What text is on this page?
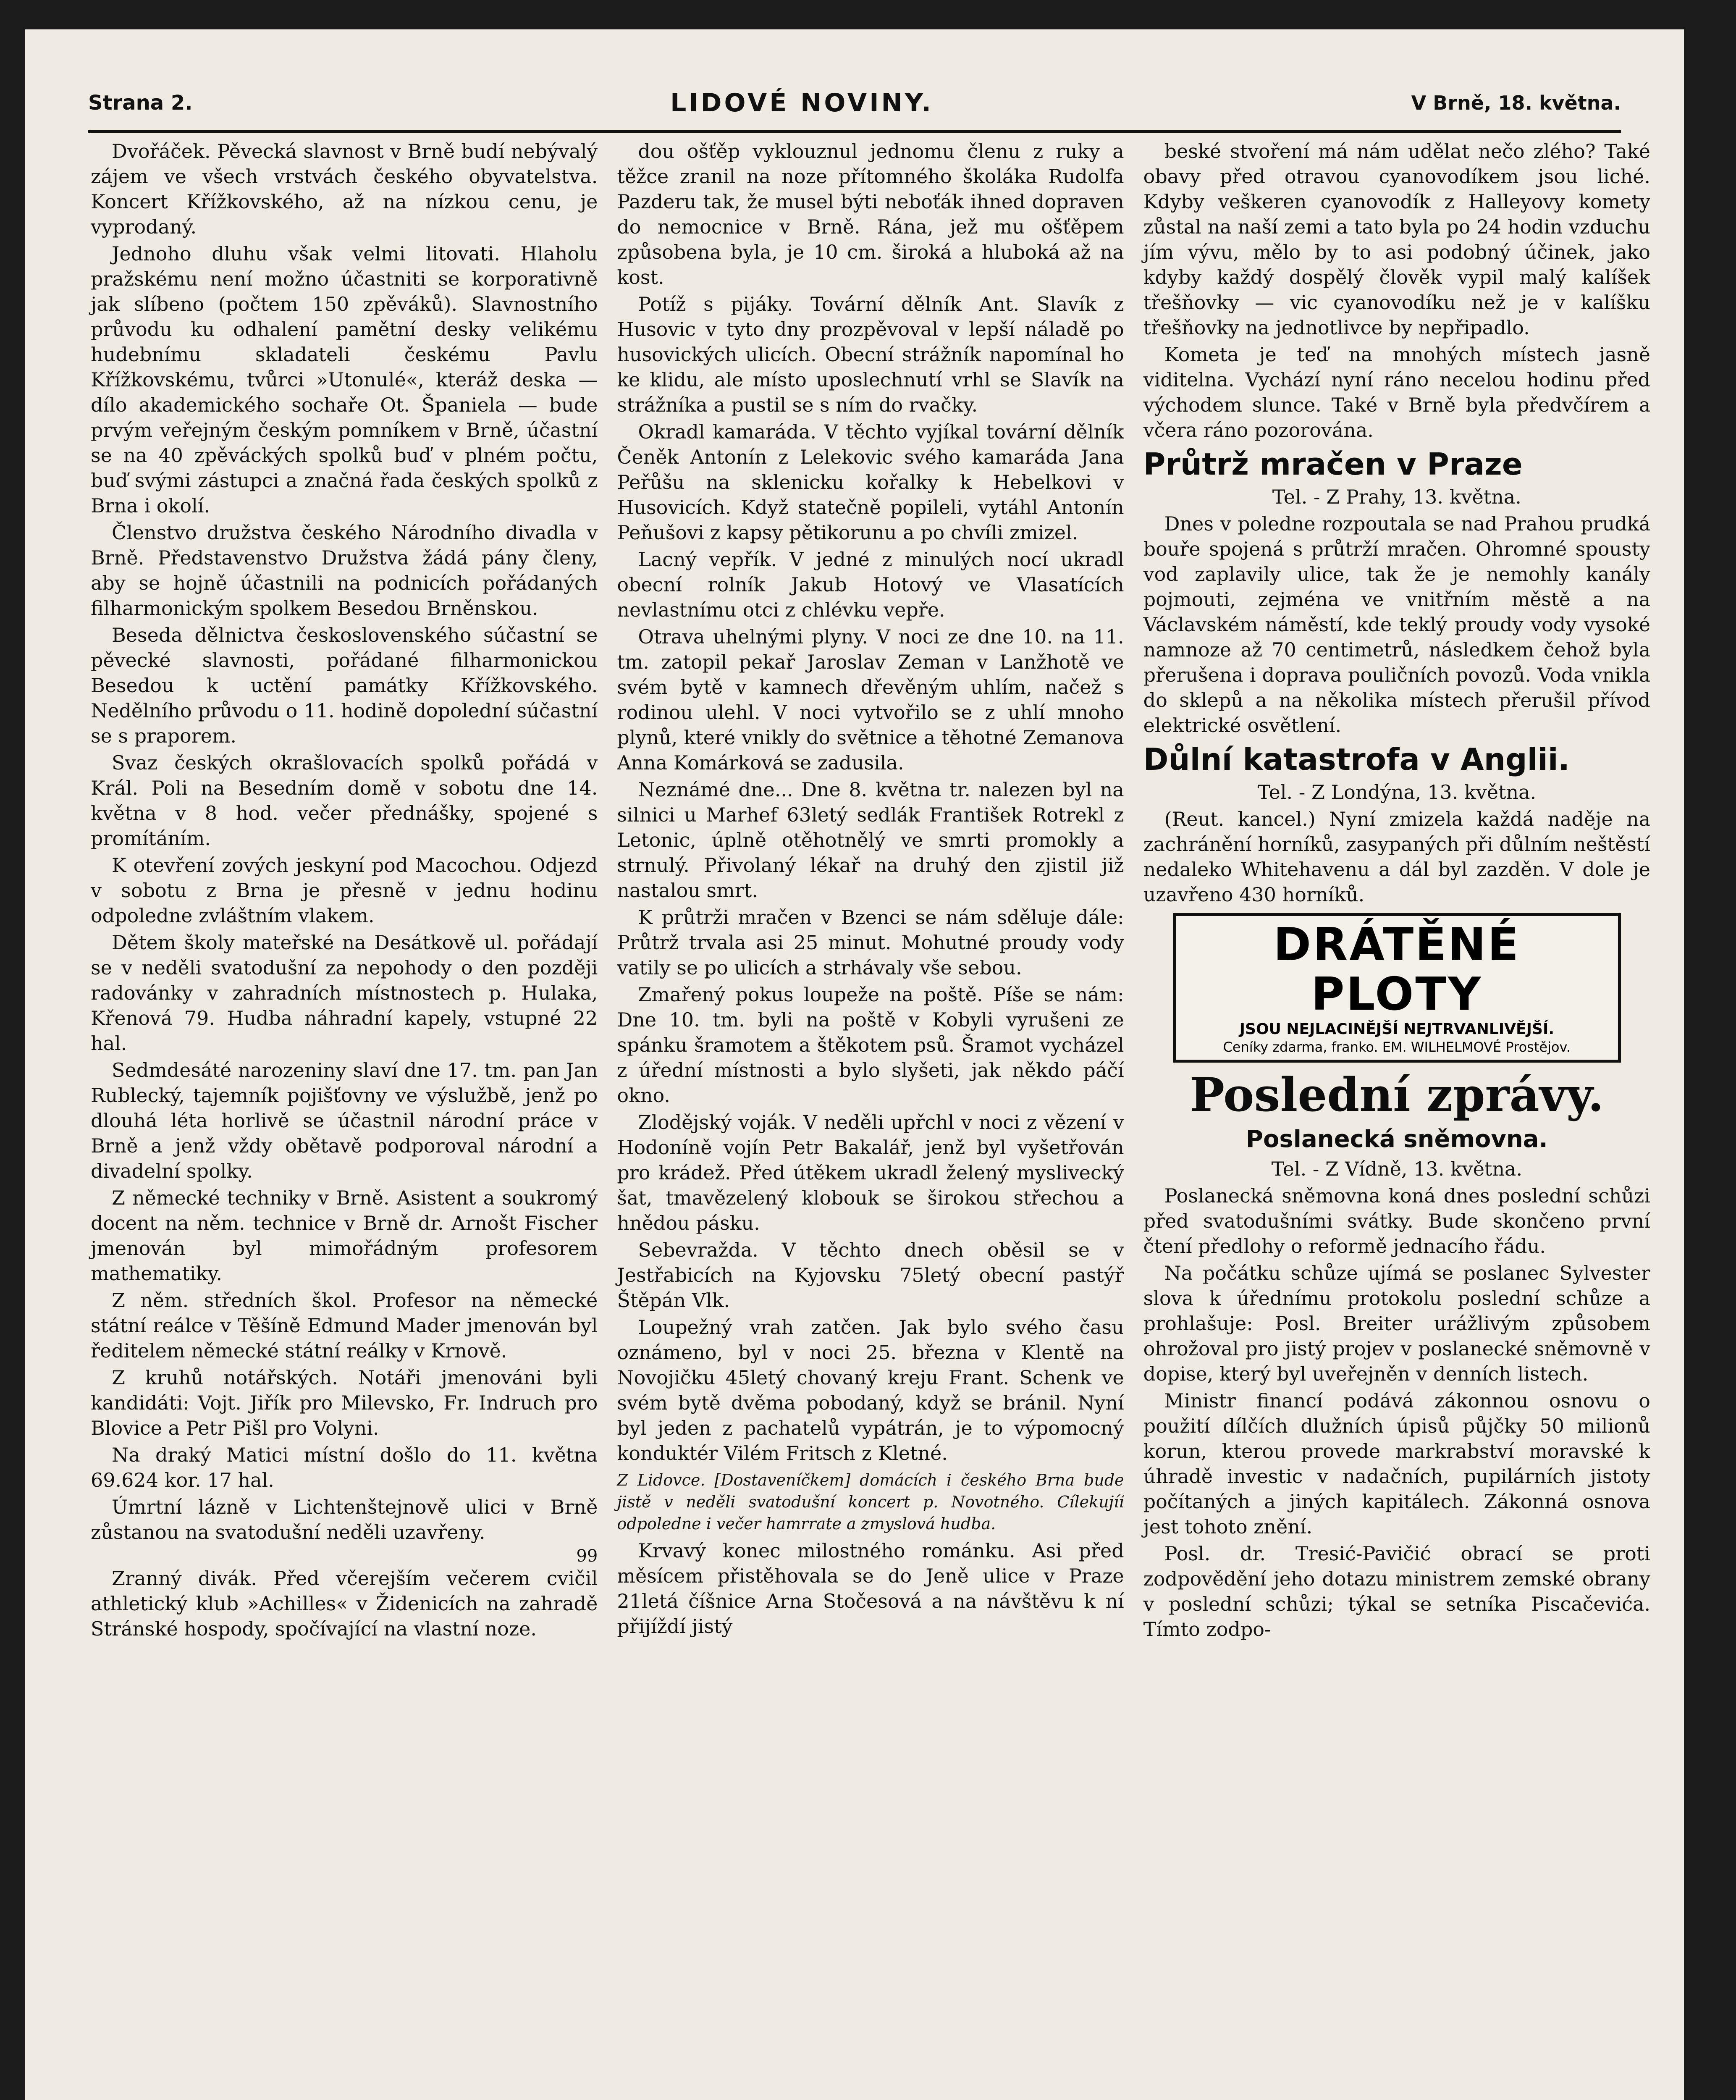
Strana 2.	LIDOVÉ NOVINY.	V Brně, 18. května.

Dvořáček. Pěvecká slavnost v Brně budí nebývalý zájem ve všech vrstvách českého obyvatelstva. Koncert Křížkovského, až na nízkou cenu, je vyprodaný.

Jednoho dluhu však velmi litovati. Hlaholu pražskému není možno účastniti se korporativně jak slíbeno (počtem 150 zpěváků). Slavnostního průvodu ku odhalení pamětní desky velikému hudebnímu skladateli českému Pavlu Křížkovskému, tvůrci »Utonulé«, kteráž deska — dílo akademického sochaře Ot. Španiela — bude prvým veřejným českým pomníkem v Brně, účastní se na 40 zpěváckých spolků buď v plném počtu, buď svými zástupci a značná řada českých spolků z Brna i okolí.

Členstvo družstva českého Národního divadla v Brně. Představenstvo Družstva žádá pány členy, aby se hojně účastnili na podnicích pořádaných filharmonickým spolkem Besedou Brněnskou.

Beseda dělnictva československého súčastní se pěvecké slavnosti, pořádané filharmonickou Besedou k uctění památky Křížkovského. Nedělního průvodu o 11. hodině dopolední súčastní se s praporem.

Svaz českých okrašlovacích spolků pořádá v Král. Poli na Besedním domě v sobotu dne 14. května v 8 hod. večer přednášky, spojené s promítáním.

K otevření zových jeskyní pod Macochou. Odjezd v sobotu z Brna je přesně v jednu hodinu odpoledne zvláštním vlakem.

Dětem školy mateřské na Desátkově ul. pořádají se v neděli svatodušní za nepohody o den později radovánky v zahradních místnostech p. Hulaka, Křenová 79. Hudba náhradní kapely, vstupné 22 hal.

Sedmdesáté narozeniny slaví dne 17. tm. pan Jan Rublecký, tajemník pojišťovny ve výslužbě, jenž po dlouhá léta horlivě se účastnil národní práce v Brně a jenž vždy obětavě podporoval národní a divadelní spolky.

Z německé techniky v Brně. Asistent a soukromý docent na něm. technice v Brně dr. Arnošt Fischer jmenován byl mimořádným profesorem mathematiky.

Z něm. středních škol. Profesor na německé státní reálce v Těšíně Edmund Mader jmenován byl ředitelem německé státní reálky v Krnově.

Z kruhů notářských. Notáři jmenováni byli kandidáti: Vojt. Jiřík pro Milevsko, Fr. Indruch pro Blovice a Petr Pišl pro Volyni.

Na draký Matici místní došlo do 11. května 69.624 kor. 17 hal.

Úmrtní lázně v Lichtenštejnově ulici v Brně zůstanou na svatodušní neděli uzavřeny.

99

Zranný divák. Před včerejším večerem cvičil athletický klub »Achilles« v Židenicích na zahradě Stránské hospody, spočívající na vlastní noze.

dou ošťěp vyklouznul jednomu členu z ruky a těžce zranil na noze přítomného školáka Rudolfa Pazderu tak, že musel býti neboťák ihned dopraven do nemocnice v Brně. Rána, jež mu ošťěpem způsobena byla, je 10 cm. široká a hluboká až na kost.

Potíž s pijáky. Tovární dělník Ant. Slavík z Husovic v tyto dny prozpěvoval v lepší náladě po husovických ulicích. Obecní strážník napomínal ho ke klidu, ale místo uposlechnutí vrhl se Slavík na strážníka a pustil se s ním do rvačky.

Okradl kamaráda. V těchto vyjíkal tovární dělník Čeněk Antonín z Lelekovic svého kamaráda Jana Peřůšu na sklenicku kořalky k Hebelkovi v Husovicích. Když statečně popileli, vytáhl Antonín Peňušovi z kapsy pětikorunu a po chvíli zmizel.

Lacný vepřík. V jedné z minulých nocí ukradl obecní rolník Jakub Hotový ve Vlasatících nevlastnímu otci z chlévku vepře.

Otrava uhelnými plyny. V noci ze dne 10. na 11. tm. zatopil pekař Jaroslav Zeman v Lanžhotě ve svém bytě v kamnech dřevěným uhlím, načež s rodinou ulehl. V noci vytvořilo se z uhlí mnoho plynů, které vnikly do světnice a těhotné Zemanova Anna Komárková se zadusila.

Neznámé dne... Dne 8. května tr. nalezen byl na silnici u Marhef 63letý sedlák František Rotrekl z Letonic, úplně otěhotnělý ve smrti promokly a strnulý. Přivolaný lékař na druhý den zjistil již nastalou smrt.

K průtrži mračen v Bzenci se nám sděluje dále: Průtrž trvala asi 25 minut. Mohutné proudy vody vatily se po ulicích a strhávaly vše sebou.

Zmařený pokus loupeže na poště. Píše se nám: Dne 10. tm. byli na poště v Kobyli vyrušeni ze spánku šramotem a štěkotem psů. Šramot vycházel z úřední místnosti a bylo slyšeti, jak někdo páčí okno.

Zlodějský voják. V neděli upřchl v noci z vězení v Hodoníně vojín Petr Bakalář, jenž byl vyšetřován pro krádež. Před útěkem ukradl želený myslivecký šat, tmavězelený klobouk se širokou střechou a hnědou pásku.

Sebevražda. V těchto dnech oběsil se v Jestřabicích na Kyjovsku 75letý obecní pastýř Štěpán Vlk.

Loupežný vrah zatčen. Jak bylo svého času oznámeno, byl v noci 25. března v Klentě na Novojičku 45letý chovaný kreju Frant. Schenk ve svém bytě dvěma pobodaný, když se bránil. Nyní byl jeden z pachatelů vypátrán, je to výpomocný konduktér Vilém Fritsch z Kletné.

Z Lidovce. [Dostaveníčkem] domácích i českého Brna bude jistě v neděli svatodušní koncert p. Novotného. Cílekujíí odpoledne i večer hamrrate a zmyslová hudba.

Krvavý konec milostného románku. Asi před měsícem přistěhovala se do Jeně ulice v Praze 21letá číšnice Arna Stočesová a na návštěvu k ní přijíždí jistý

beské stvoření má nám udělat nečo zlého? Také obavy před otravou cyanovodíkem jsou liché. Kdyby veškeren cyanovodík z Halleyovy komety zůstal na naší zemi a tato byla po 24 hodin vzduchu jím vývu, mělo by to asi podobný účinek, jako kdyby každý dospělý člověk vypil malý kalíšek třešňovky — vic cyanovodíku než je v kalíšku třešňovky na jednotlivce by nepřipadlo.

Kometa je teď na mnohých místech jasně viditelna. Vychází nyní ráno necelou hodinu před východem slunce. Také v Brně byla předvčírem a včera ráno pozorována.

Průtrž mračen v Praze
Tel. - Z Prahy, 13. května.

Dnes v poledne rozpoutala se nad Prahou prudká bouře spojená s průtrží mračen. Ohromné spousty vod zaplavily ulice, tak že je nemohly kanály pojmouti, zejména ve vnitřním městě a na Václavském náměstí, kde teklý proudy vody vysoké namnoze až 70 centimetrů, následkem čehož byla přerušena i doprava pouličních povozů. Voda vnikla do sklepů a na několika místech přerušil přívod elektrické osvětlení.

Důlní katastrofa v Anglii.
Tel. - Z Londýna, 13. května.

(Reut. kancel.) Nyní zmizela každá naděje na zachránění horníků, zasypaných při důlním neštěstí nedaleko Whitehavenu a dál byl zazděn. V dole je uzavřeno 430 horníků.

DRÁTĚNÉ PLOTY
JSOU NEJLACINĚJŠÍ NEJTRVANLIVĚJŠÍ.
Ceníky zdarma, franko. EM. WILHELMOVÉ Prostějov.
Poslední zprávy.
Poslanecká sněmovna.
Tel. - Z Vídně, 13. května.

Poslanecká sněmovna koná dnes poslední schůzi před svatodušními svátky. Bude skončeno první čtení předlohy o reformě jednacího řádu.

Na počátku schůze ujímá se poslanec Sylvester slova k úřednímu protokolu poslední schůze a prohlašuje: Posl. Breiter urážlivým způsobem ohrožoval pro jistý projev v poslanecké sněmovně v dopise, který byl uveřejněn v denních listech.

Ministr financí podává zákonnou osnovu o použití dílčích dlužních úpisů půjčky 50 milionů korun, kterou provede markrabství moravské k úhradě investic v nadačních, pupilárních jistoty počítaných a jiných kapitálech. Zákonná osnova jest tohoto znění.

Posl. dr. Tresić-Pavičić obrací se proti zodpovědění jeho dotazu ministrem zemské obrany v poslední schůzi; týkal se setníka Piscačevića. Tímto zodpo-
